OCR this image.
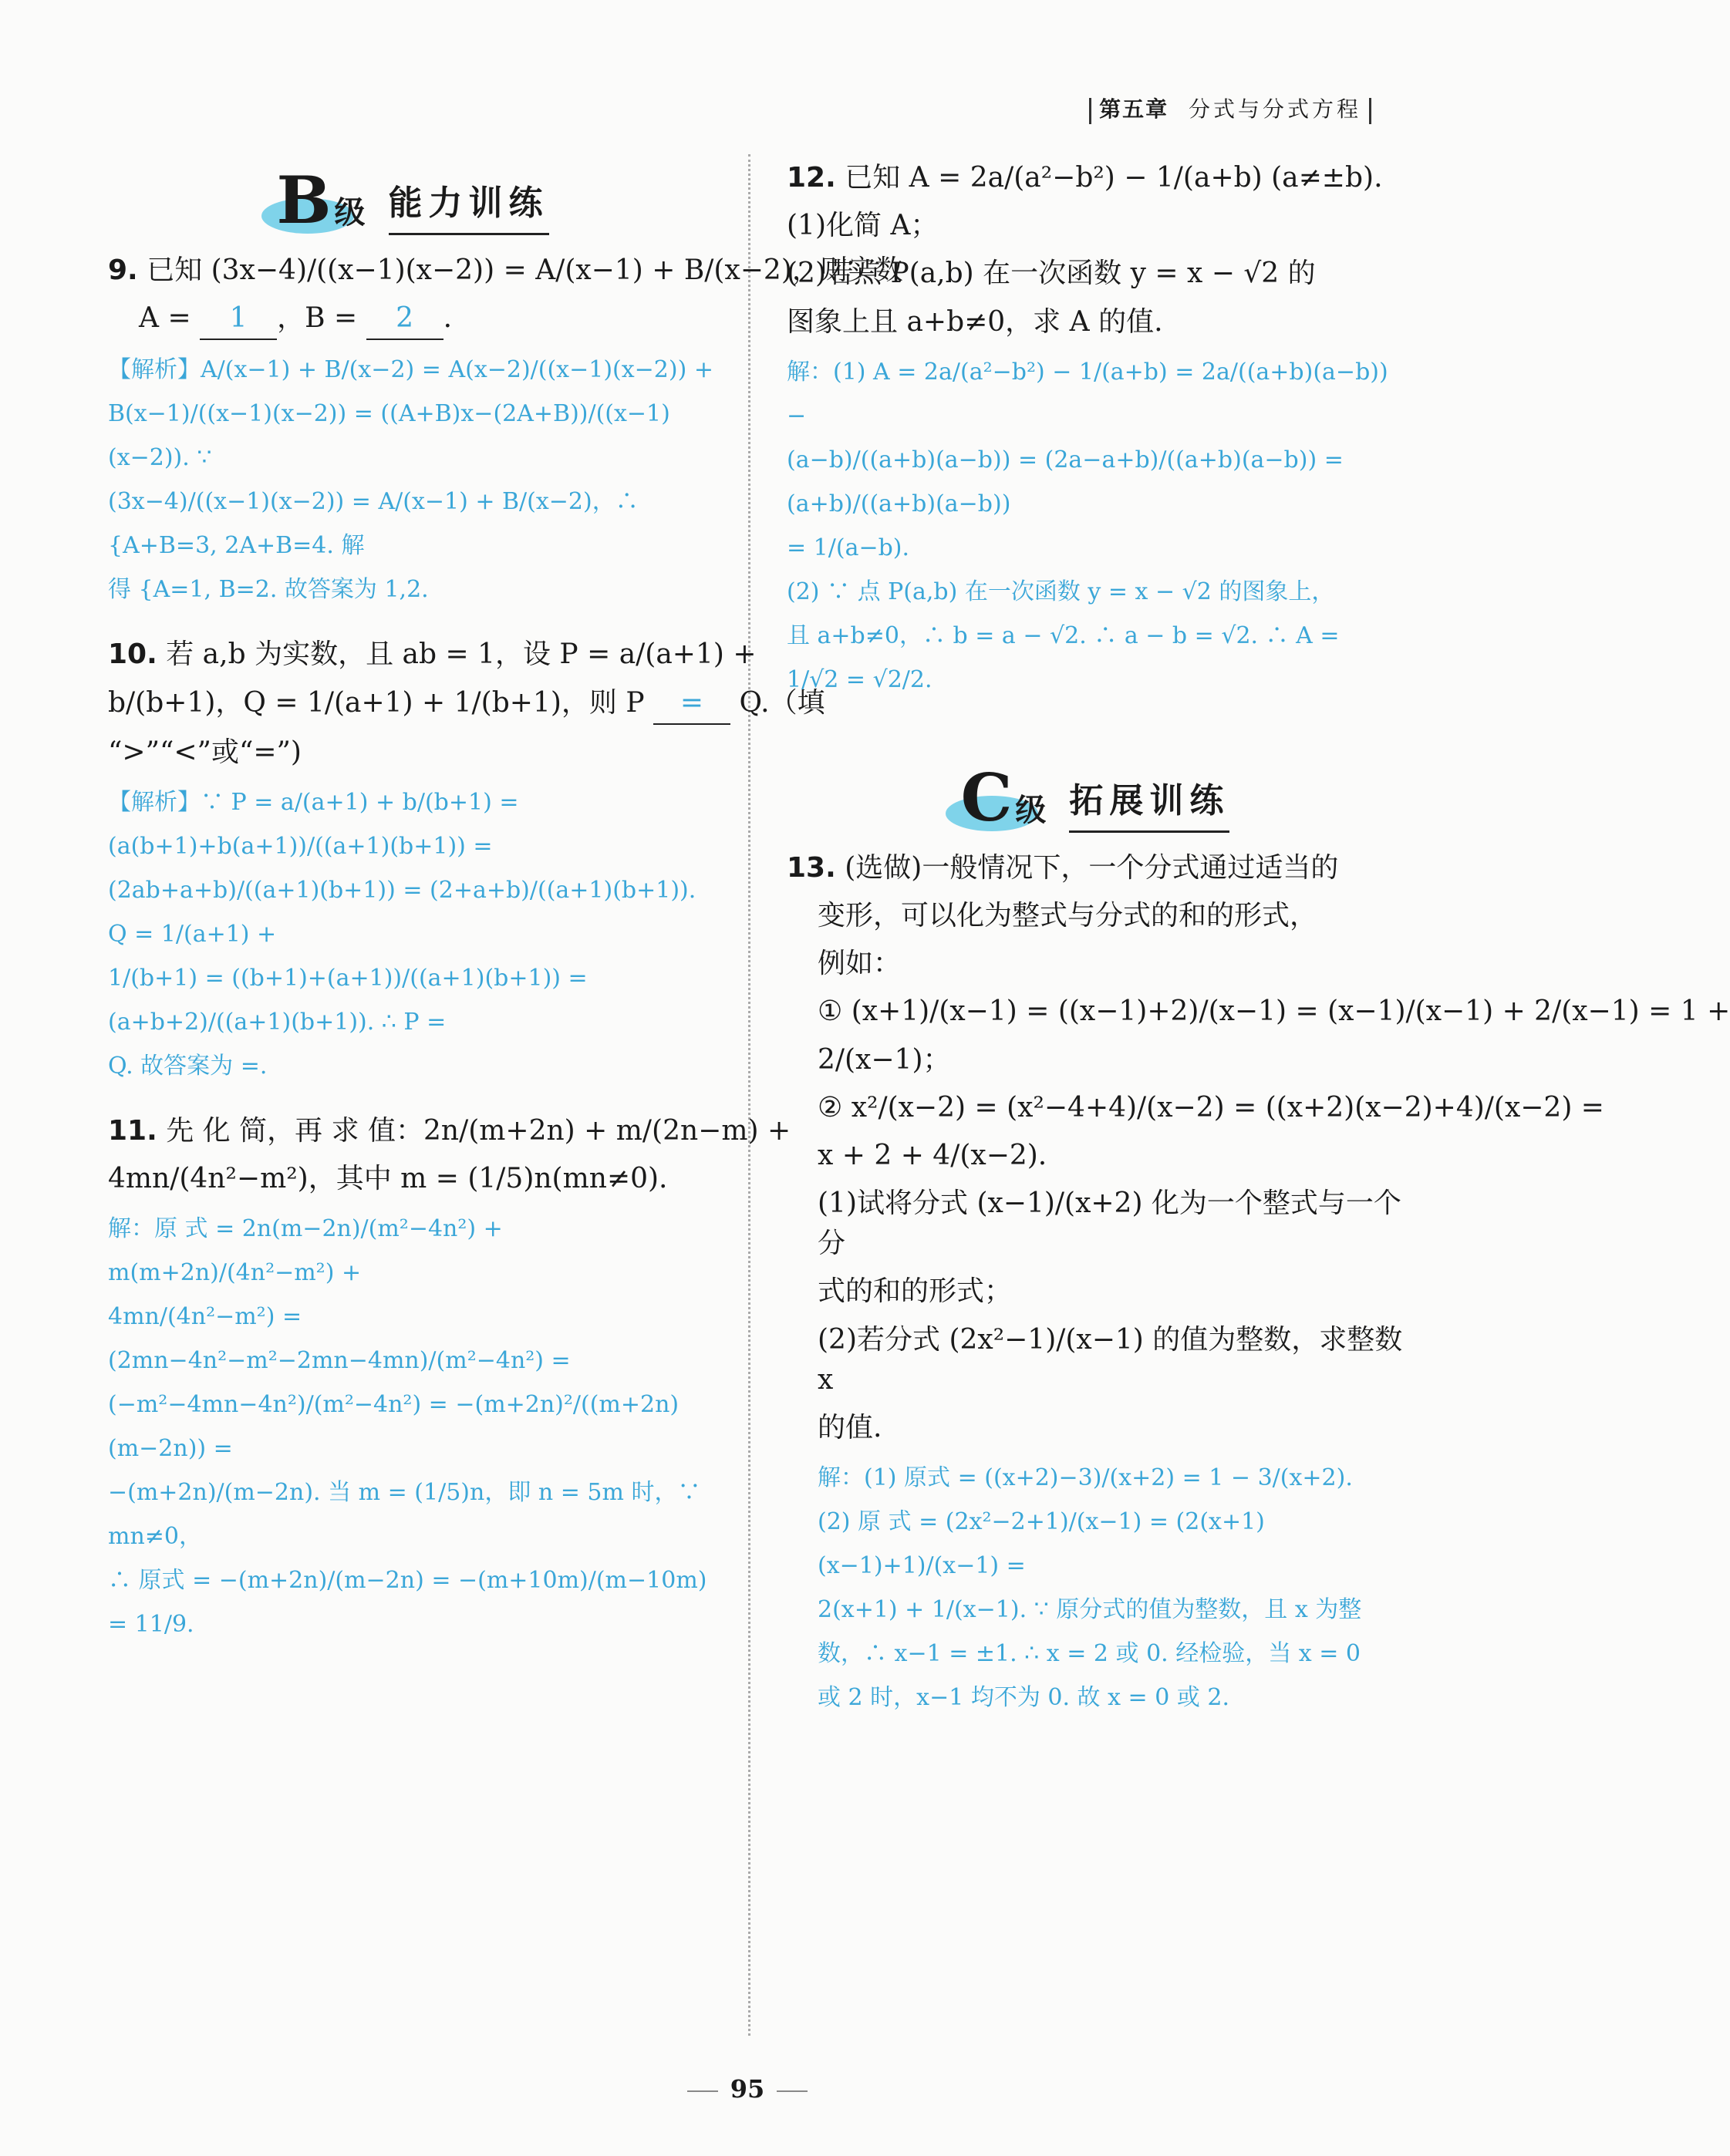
第五章 分式与分式方程
B级 能力训练
9. 已知 (3x−4)/((x−1)(x−2)) = A/(x−1) + B/(x−2)，则实数
A = 1 ，B = 2 .
【解析】A/(x−1) + B/(x−2) = A(x−2)/((x−1)(x−2)) +
B(x−1)/((x−1)(x−2)) = ((A+B)x−(2A+B))/((x−1)(x−2)). ∵
(3x−4)/((x−1)(x−2)) = A/(x−1) + B/(x−2)，∴ {A+B=3, 2A+B=4. 解
得 {A=1, B=2. 故答案为 1,2.
10. 若 a,b 为实数，且 ab = 1，设 P = a/(a+1) +
b/(b+1)，Q = 1/(a+1) + 1/(b+1)，则 P = Q.（填
“>”“<”或“=”)
【解析】∵ P = a/(a+1) + b/(b+1) = (a(b+1)+b(a+1))/((a+1)(b+1)) =
(2ab+a+b)/((a+1)(b+1)) = (2+a+b)/((a+1)(b+1)). Q = 1/(a+1) +
1/(b+1) = ((b+1)+(a+1))/((a+1)(b+1)) = (a+b+2)/((a+1)(b+1)). ∴ P =
Q. 故答案为 =.
11. 先 化 简，再 求 值：2n/(m+2n) + m/(2n−m) +
4mn/(4n²−m²)，其中 m = (1/5)n(mn≠0).
解：原 式 = 2n(m−2n)/(m²−4n²) + m(m+2n)/(4n²−m²) +
4mn/(4n²−m²) = (2mn−4n²−m²−2mn−4mn)/(m²−4n²) =
(−m²−4mn−4n²)/(m²−4n²) = −(m+2n)²/((m+2n)(m−2n)) =
−(m+2n)/(m−2n). 当 m = (1/5)n，即 n = 5m 时，∵ mn≠0，
∴ 原式 = −(m+2n)/(m−2n) = −(m+10m)/(m−10m) = 11/9.
12. 已知 A = 2a/(a²−b²) − 1/(a+b) (a≠±b).
(1)化简 A；
(2)若点 P(a,b) 在一次函数 y = x − √2 的
图象上且 a+b≠0，求 A 的值.
解：(1) A = 2a/(a²−b²) − 1/(a+b) = 2a/((a+b)(a−b)) −
(a−b)/((a+b)(a−b)) = (2a−a+b)/((a+b)(a−b)) = (a+b)/((a+b)(a−b))
= 1/(a−b).
(2) ∵ 点 P(a,b) 在一次函数 y = x − √2 的图象上，
且 a+b≠0，∴ b = a − √2. ∴ a − b = √2. ∴ A =
1/√2 = √2/2.
C级 拓展训练
13. (选做)一般情况下，一个分式通过适当的
变形，可以化为整式与分式的和的形式，
例如：
① (x+1)/(x−1) = ((x−1)+2)/(x−1) = (x−1)/(x−1) + 2/(x−1) = 1 +
2/(x−1)；
② x²/(x−2) = (x²−4+4)/(x−2) = ((x+2)(x−2)+4)/(x−2) =
x + 2 + 4/(x−2).
(1)试将分式 (x−1)/(x+2) 化为一个整式与一个分
式的和的形式；
(2)若分式 (2x²−1)/(x−1) 的值为整数，求整数 x
的值.
解：(1) 原式 = ((x+2)−3)/(x+2) = 1 − 3/(x+2).
(2) 原 式 = (2x²−2+1)/(x−1) = (2(x+1)(x−1)+1)/(x−1) =
2(x+1) + 1/(x−1). ∵ 原分式的值为整数，且 x 为整
数，∴ x−1 = ±1. ∴ x = 2 或 0. 经检验，当 x = 0
或 2 时，x−1 均不为 0. 故 x = 0 或 2.
95
